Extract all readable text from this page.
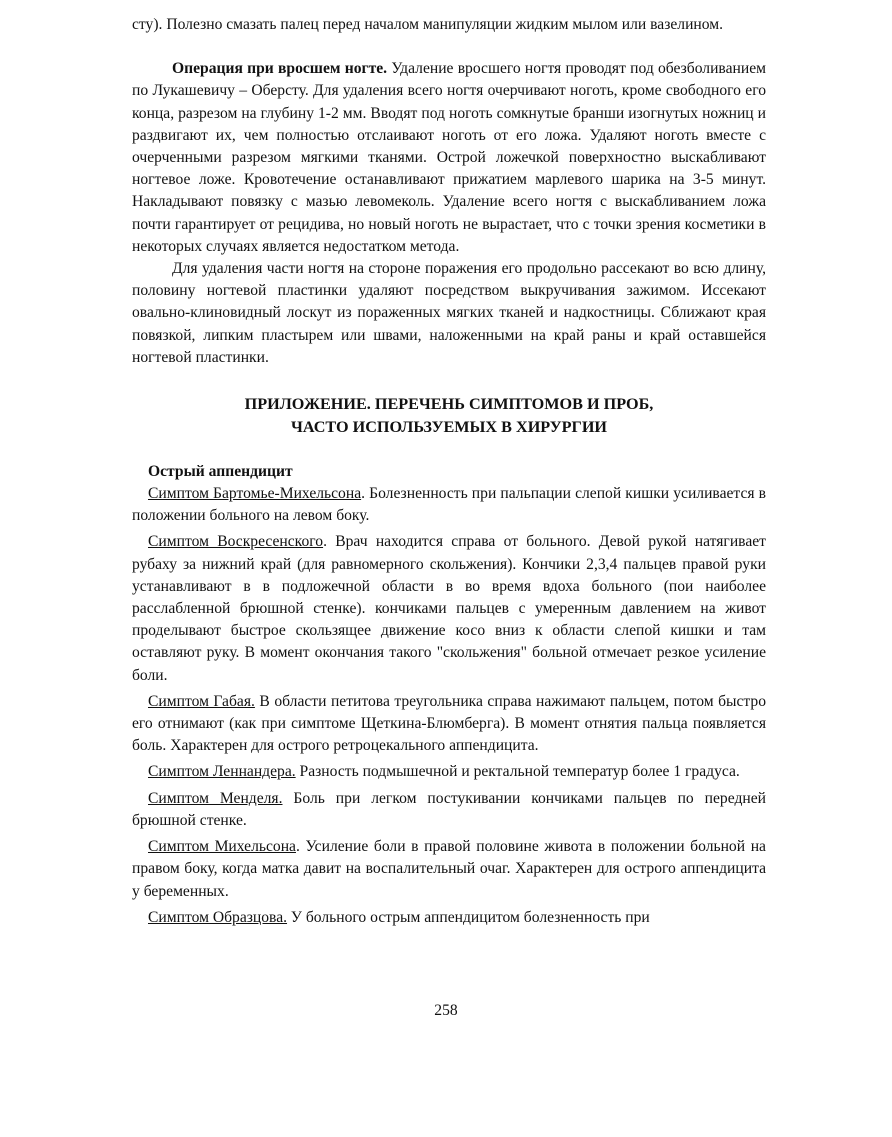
сту). Полезно смазать палец перед началом манипуляции жидким мылом или вазелином.

Операция при вросшем ногте. Удаление вросшего ногтя проводят под обезболиванием по Лукашевичу – Оберсту. Для удаления всего ногтя очерчивают ноготь, кроме свободного его конца, разрезом на глубину 1-2 мм. Вводят под ноготь сомкнутые бранши изогнутых ножниц и раздвигают их, чем полностью отслаивают ноготь от его ложа. Удаляют ноготь вместе с очерченными разрезом мягкими тканями. Острой ложечкой поверхностно выскабливают ногтевое ложе. Кровотечение останавливают прижатием марлевого шарика на 3-5 минут. Накладывают повязку с мазью левомеколь. Удаление всего ногтя с выскабливанием ложа почти гарантирует от рецидива, но новый ноготь не вырастает, что с точки зрения косметики в некоторых случаях является недостатком метода.

Для удаления части ногтя на стороне поражения его продольно рассекают во всю длину, половину ногтевой пластинки удаляют посредством выкручивания зажимом. Иссекают овально-клиновидный лоскут из пораженных мягких тканей и надкостницы. Сближают края повязкой, липким пластырем или швами, наложенными на край раны и край оставшейся ногтевой пластинки.

ПРИЛОЖЕНИЕ. ПЕРЕЧЕНЬ СИМПТОМОВ И ПРОБ,
ЧАСТО ИСПОЛЬЗУЕМЫХ В ХИРУРГИИ

Острый аппендицит

Симптом Бартомье-Михельсона. Болезненность при пальпации слепой кишки усиливается в положении больного на левом боку.

Симптом Воскресенского. Врач находится справа от больного. Девой рукой натягивает рубаху за нижний край (для равномерного скольжения). Кончики 2,3,4 пальцев правой руки устанавливают в в подложечной области в во время вдоха больного (пои наиболее расслабленной брюшной стенке). кончиками пальцев с умеренным давлением на живот проделывают быстрое скользящее движение косо вниз к области слепой кишки и там оставляют руку. В момент окончания такого "скольжения" больной отмечает резкое усиление боли.

Симптом Габая. В области петитова треугольника справа нажимают пальцем, потом быстро его отнимают (как при симптоме Щеткина-Блюмберга). В момент отнятия пальца появляется боль. Характерен для острого ретроцекального аппендицита.

Симптом Леннандера. Разность подмышечной и ректальной температур более 1 градуса.

Симптом Менделя. Боль при легком постукивании кончиками пальцев по передней брюшной стенке.

Симптом Михельсона. Усиление боли в правой половине живота в положении больной на правом боку, когда матка давит на воспалительный очаг. Характерен для острого аппендицита у беременных.

Симптом Образцова. У больного острым аппендицитом болезненность при

258
